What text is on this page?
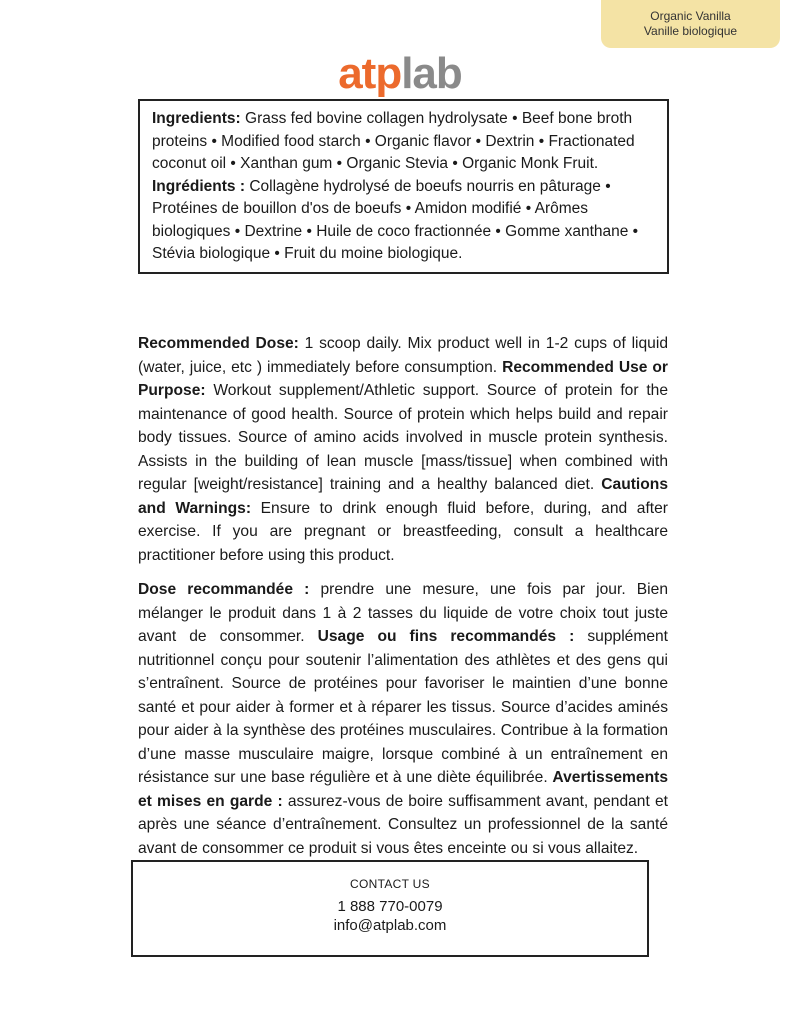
Organic Vanilla
Vanille biologique
atplab

Ingredients: Grass fed bovine collagen hydrolysate • Beef bone broth proteins • Modified food starch • Organic flavor • Dextrin • Fractionated coconut oil • Xanthan gum • Organic Stevia • Organic Monk Fruit.

Ingrédients : Collagène hydrolysé de boeufs nourris en pâturage • Protéines de bouillon d'os de boeufs • Amidon modifié • Arômes biologiques • Dextrine • Huile de coco fractionnée • Gomme xanthane • Stévia biologique • Fruit du moine biologique.

Recommended Dose: 1 scoop daily. Mix product well in 1-2 cups of liquid (water, juice, etc ) immediately before consumption. Recommended Use or Purpose: Workout supplement/Athletic support. Source of protein for the maintenance of good health. Source of protein which helps build and repair body tissues. Source of amino acids involved in muscle protein synthesis. Assists in the building of lean muscle [mass/tissue] when combined with regular [weight/resistance] training and a healthy balanced diet. Cautions and Warnings: Ensure to drink enough fluid before, during, and after exercise. If you are pregnant or breastfeeding, consult a healthcare practitioner before using this product.

Dose recommandée : prendre une mesure, une fois par jour. Bien mélanger le produit dans 1 à 2 tasses du liquide de votre choix tout juste avant de consommer. Usage ou fins recommandés : supplément nutritionnel conçu pour soutenir l’alimentation des athlètes et des gens qui s’entraînent. Source de protéines pour favoriser le maintien d’une bonne santé et pour aider à former et à réparer les tissus. Source d’acides aminés pour aider à la synthèse des protéines musculaires. Contribue à la formation d’une masse musculaire maigre, lorsque combiné à un entraînement en résistance sur une base régulière et à une diète équilibrée. Avertissements et mises en garde : assurez-vous de boire suffisamment avant, pendant et après une séance d’entraînement. Consultez un professionnel de la santé avant de consommer ce produit si vous êtes enceinte ou si vous allaitez.

CONTACT US
1 888 770-0079
info@atplab.com
